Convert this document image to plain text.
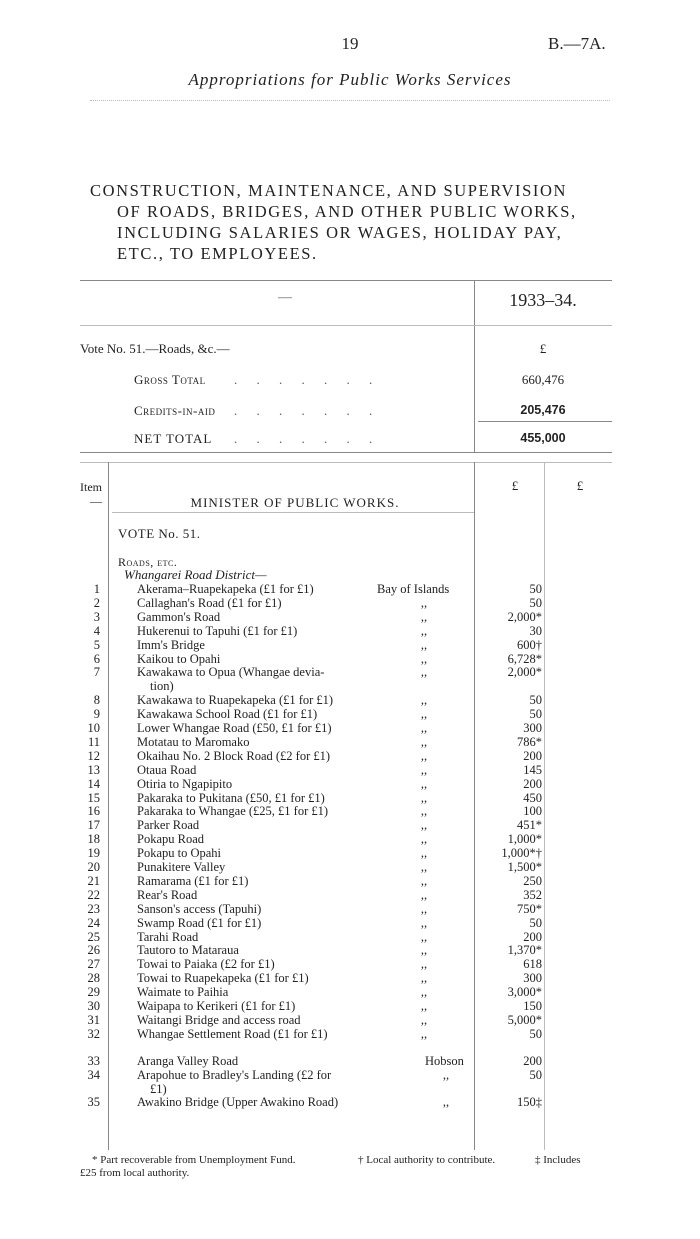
19	B.—7A.
Appropriations for Public Works Services
CONSTRUCTION, MAINTENANCE, AND SUPERVISION
OF ROADS, BRIDGES, AND OTHER PUBLIC WORKS,
INCLUDING SALARIES OR WAGES, HOLIDAY PAY,
ETC., TO EMPLOYEES.
—	1933–34.
Vote No. 51.—Roads, &c.—	£
Gross Total . . . . . . .	660,476
Credits-in-aid . . . . . . .	205,476
NET TOTAL . . . . . . .	455,000
Item
—
£	£
MINISTER OF PUBLIC WORKS.
VOTE No. 51.
Roads, etc.
Whangarei Road District—
1	Akerama–Ruapekapeka (£1 for £1)	Bay of Islands	50
2	Callaghan's Road (£1 for £1)	,,	50
3	Gammon's Road	,,	2,000*
4	Hukerenui to Tapuhi (£1 for £1)	,,	30
5	Imm's Bridge	,,	600†
6	Kaikou to Opahi	,,	6,728*
7	Kawakawa to Opua (Whangae devia-	,,	2,000*
tion)
8	Kawakawa to Ruapekapeka (£1 for £1)	,,	50
9	Kawakawa School Road (£1 for £1)	,,	50
10	Lower Whangae Road (£50, £1 for £1)	,,	300
11	Motatau to Maromako	,,	786*
12	Okaihau No. 2 Block Road (£2 for £1)	,,	200
13	Otaua Road	,,	145
14	Otiria to Ngapipito	,,	200
15	Pakaraka to Pukitana (£50, £1 for £1)	,,	450
16	Pakaraka to Whangae (£25, £1 for £1)	,,	100
17	Parker Road	,,	451*
18	Pokapu Road	,,	1,000*
19	Pokapu to Opahi	,,	1,000*†
20	Punakitere Valley	,,	1,500*
21	Ramarama (£1 for £1)	,,	250
22	Rear's Road	,,	352
23	Sanson's access (Tapuhi)	,,	750*
24	Swamp Road (£1 for £1)	,,	50
25	Tarahi Road	,,	200
26	Tautoro to Mataraua	,,	1,370*
27	Towai to Paiaka (£2 for £1)	,,	618
28	Towai to Ruapekapeka (£1 for £1)	,,	300
29	Waimate to Paihia	,,	3,000*
30	Waipapa to Kerikeri (£1 for £1)	,,	150
31	Waitangi Bridge and access road	,,	5,000*
32	Whangae Settlement Road (£1 for £1)	,,	50
33	Aranga Valley Road	Hobson	200
34	Arapohue to Bradley's Landing (£2 for	,,	50
£1)
35	Awakino Bridge (Upper Awakino Road)	,,	150‡
* Part recoverable from Unemployment Fund.	† Local authority to contribute.	‡ Includes
£25 from local authority.
